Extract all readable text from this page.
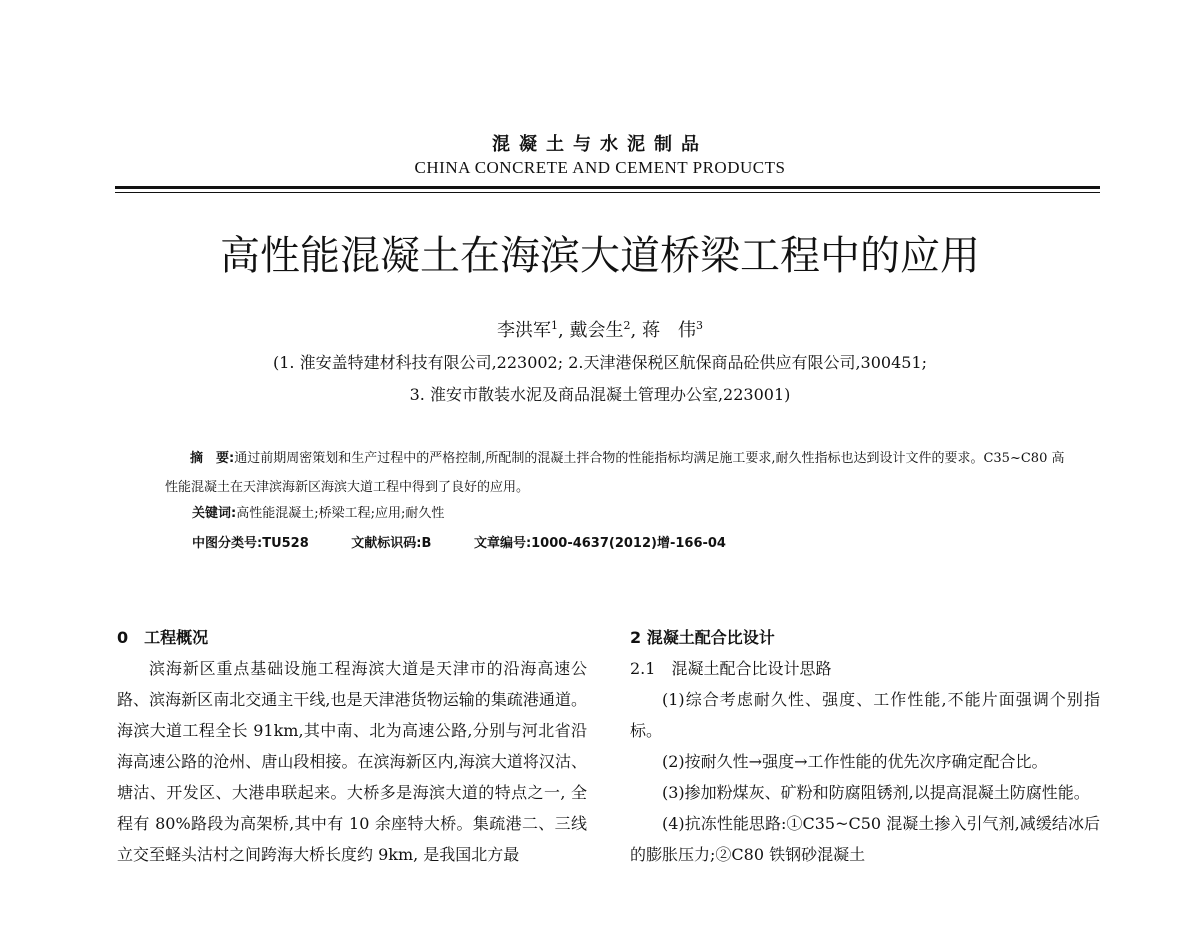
混凝土与水泥制品
CHINA CONCRETE AND CEMENT PRODUCTS
高性能混凝土在海滨大道桥梁工程中的应用
李洪军$^1$, 戴会生$^2$, 蒋　伟$^3$
(1. 淮安盖特建材科技有限公司,223002; 2.天津港保税区航保商品砼供应有限公司,300451;
3. 淮安市散装水泥及商品混凝土管理办公室,223001)
摘　要:通过前期周密策划和生产过程中的严格控制,所配制的混凝土拌合物的性能指标均满足施工要求,耐久性指标也达到设计文件的要求。C35~C80 高性能混凝土在天津滨海新区海滨大道工程中得到了良好的应用。
关键词:高性能混凝土;桥梁工程;应用;耐久性
中图分类号:TU528	文献标识码:B	文章编号:1000-4637(2012)增-166-04

0　工程概况

滨海新区重点基础设施工程海滨大道是天津市的沿海高速公路、滨海新区南北交通主干线,也是天津港货物运输的集疏港通道。海滨大道工程全长 91km,其中南、北为高速公路,分别与河北省沿海高速公路的沧州、唐山段相接。在滨海新区内,海滨大道将汉沽、塘沽、开发区、大港串联起来。大桥多是海滨大道的特点之一, 全程有 80%路段为高架桥,其中有 10 余座特大桥。集疏港二、三线立交至蛏头沽村之间跨海大桥长度约 9km, 是我国北方最

2 混凝土配合比设计

2.1　混凝土配合比设计思路

(1)综合考虑耐久性、强度、工作性能,不能片面强调个别指标。

(2)按耐久性→强度→工作性能的优先次序确定配合比。

(3)掺加粉煤灰、矿粉和防腐阻锈剂,以提高混凝土防腐性能。

(4)抗冻性能思路:①C35~C50 混凝土掺入引气剂,减缓结冰后的膨胀压力;②C80 铁钢砂混凝土
